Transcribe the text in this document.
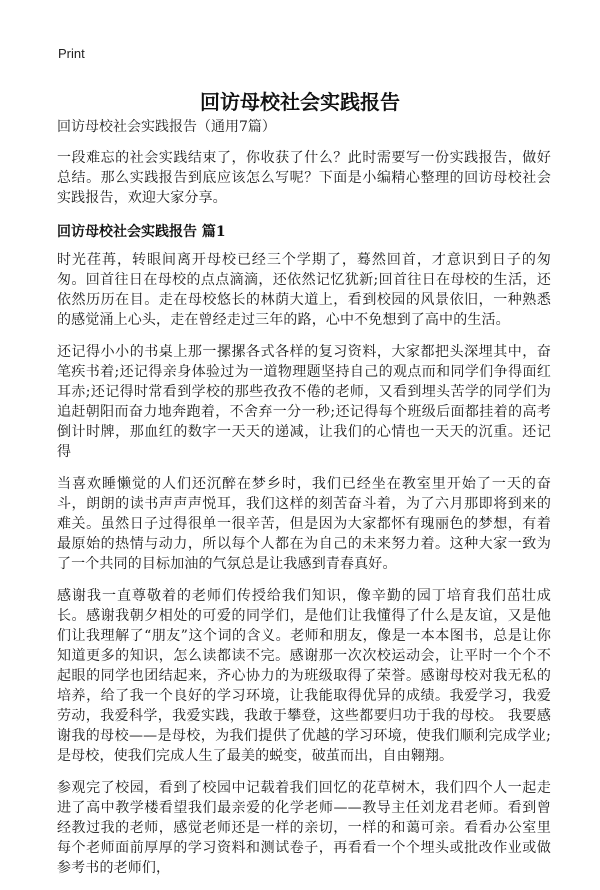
Print
回访母校社会实践报告
回访母校社会实践报告（通用7篇）

一段难忘的社会实践结束了，你收获了什么？此时需要写一份实践报告，做好总结。那么实践报告到底应该怎么写呢？下面是小编精心整理的回访母校社会实践报告，欢迎大家分享。

回访母校社会实践报告 篇1

时光荏苒，转眼间离开母校已经三个学期了，蓦然回首，才意识到日子的匆匆。回首往日在母校的点点滴滴，还依然记忆犹新;回首往日在母校的生活，还依然历历在目。走在母校悠长的林荫大道上，看到校园的风景依旧，一种熟悉的感觉涌上心头，走在曾经走过三年的路，心中不免想到了高中的生活。

还记得小小的书桌上那一摞摞各式各样的复习资料，大家都把头深埋其中，奋笔疾书着;还记得亲身体验过为一道物理题坚持自己的观点而和同学们争得面红耳赤;还记得时常看到学校的那些孜孜不倦的老师，又看到埋头苦学的同学们为追赶朝阳而奋力地奔跑着，不舍弃一分一秒;还记得每个班级后面都挂着的高考倒计时牌，那血红的数字一天天的递减，让我们的心情也一天天的沉重。还记得

当喜欢睡懒觉的人们还沉醉在梦乡时，我们已经坐在教室里开始了一天的奋斗，朗朗的读书声声声悦耳，我们这样的刻苦奋斗着，为了六月那即将到来的难关。虽然日子过得很单一很辛苦，但是因为大家都怀有瑰丽色的梦想，有着最原始的热情与动力，所以每个人都在为自己的未来努力着。这种大家一致为了一个共同的目标加油的气氛总是让我感到青春真好。

感谢我一直尊敬着的老师们传授给我们知识，像辛勤的园丁培育我们茁壮成长。感谢我朝夕相处的可爱的同学们，是他们让我懂得了什么是友谊，又是他们让我理解了“朋友”这个词的含义。老师和朋友，像是一本本图书，总是让你知道更多的知识，怎么读都读不完。感谢那一次次校运动会，让平时一个个不起眼的同学也团结起来，齐心协力的为班级取得了荣誉。感谢母校对我无私的培养，给了我一个良好的学习环境，让我能取得优异的成绩。我爱学习，我爱劳动，我爱科学，我爱实践，我敢于攀登，这些都要归功于我的母校。 我要感谢我的母校——是母校，为我们提供了优越的学习环境，使我们顺利完成学业;是母校，使我们完成人生了最美的蜕变，破茧而出，自由翱翔。

参观完了校园，看到了校园中记载着我们回忆的花草树木，我们四个人一起走进了高中教学楼看望我们最亲爱的化学老师——教导主任刘龙君老师。看到曾经教过我的老师，感觉老师还是一样的亲切，一样的和蔼可亲。看看办公室里每个老师面前厚厚的学习资料和测试卷子，再看看一个个埋头或批改作业或做参考书的老师们，
